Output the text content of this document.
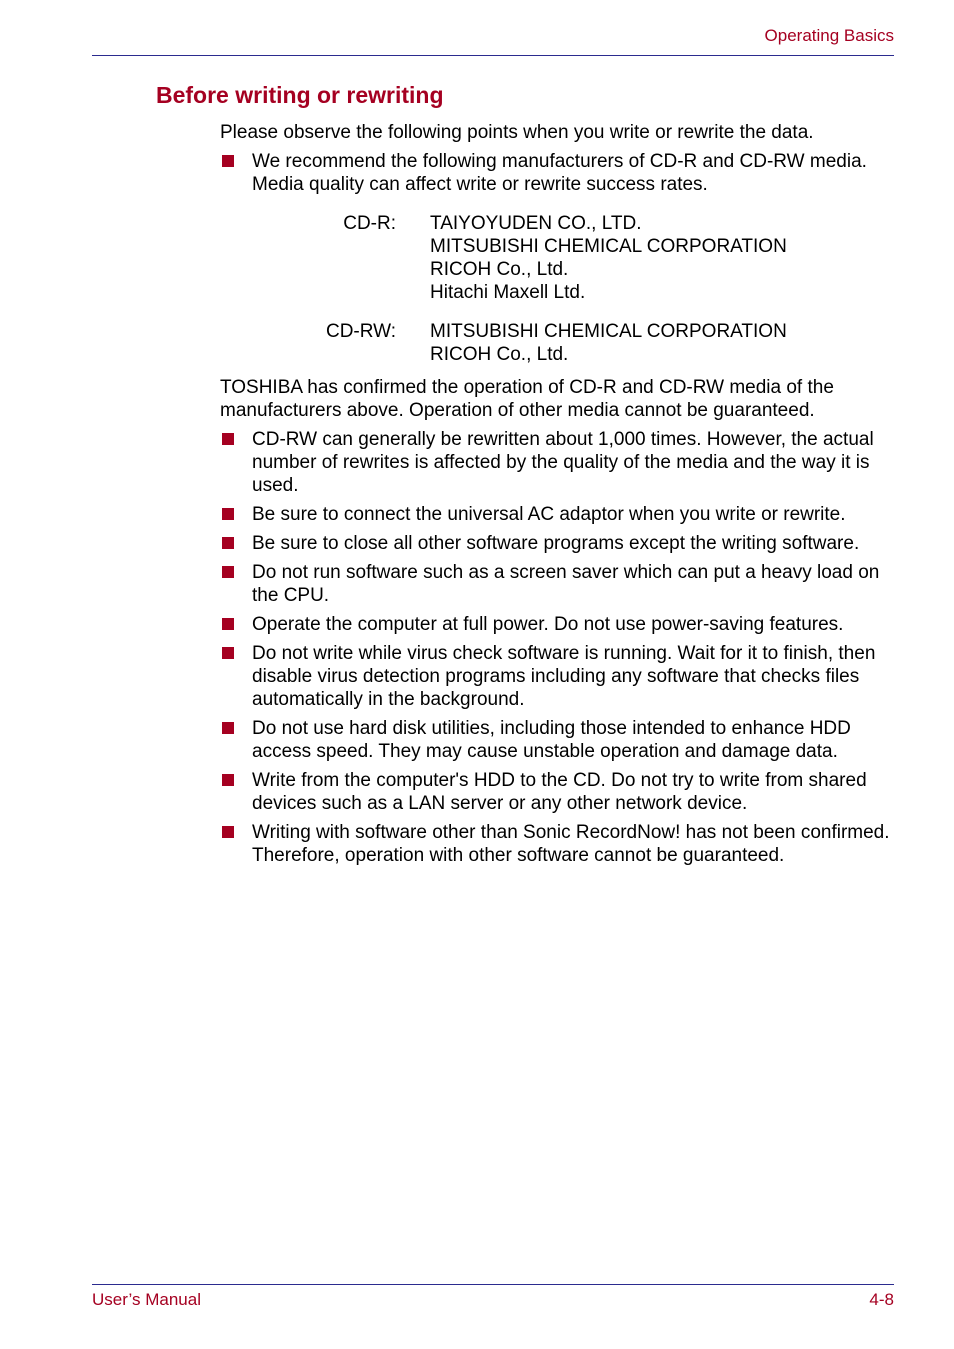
Operating Basics
Before writing or rewriting

Please observe the following points when you write or rewrite the data.

We recommend the following manufacturers of CD-R and CD-RW media. Media quality can affect write or rewrite success rates.
CD-R: TAIYOYUDEN CO., LTD.
MITSUBISHI CHEMICAL CORPORATION
RICOH Co., Ltd.
Hitachi Maxell Ltd.
CD-RW: MITSUBISHI CHEMICAL CORPORATION
RICOH Co., Ltd.

TOSHIBA has confirmed the operation of CD-R and CD-RW media of the manufacturers above. Operation of other media cannot be guaranteed.

CD-RW can generally be rewritten about 1,000 times. However, the actual number of rewrites is affected by the quality of the media and the way it is used.
Be sure to connect the universal AC adaptor when you write or rewrite.
Be sure to close all other software programs except the writing software.
Do not run software such as a screen saver which can put a heavy load on the CPU.
Operate the computer at full power. Do not use power-saving features.
Do not write while virus check software is running. Wait for it to finish, then disable virus detection programs including any software that checks files automatically in the background.
Do not use hard disk utilities, including those intended to enhance HDD access speed. They may cause unstable operation and damage data.
Write from the computer's HDD to the CD. Do not try to write from shared devices such as a LAN server or any other network device.
Writing with software other than Sonic RecordNow! has not been confirmed. Therefore, operation with other software cannot be guaranteed.
User’s Manual	4-8
